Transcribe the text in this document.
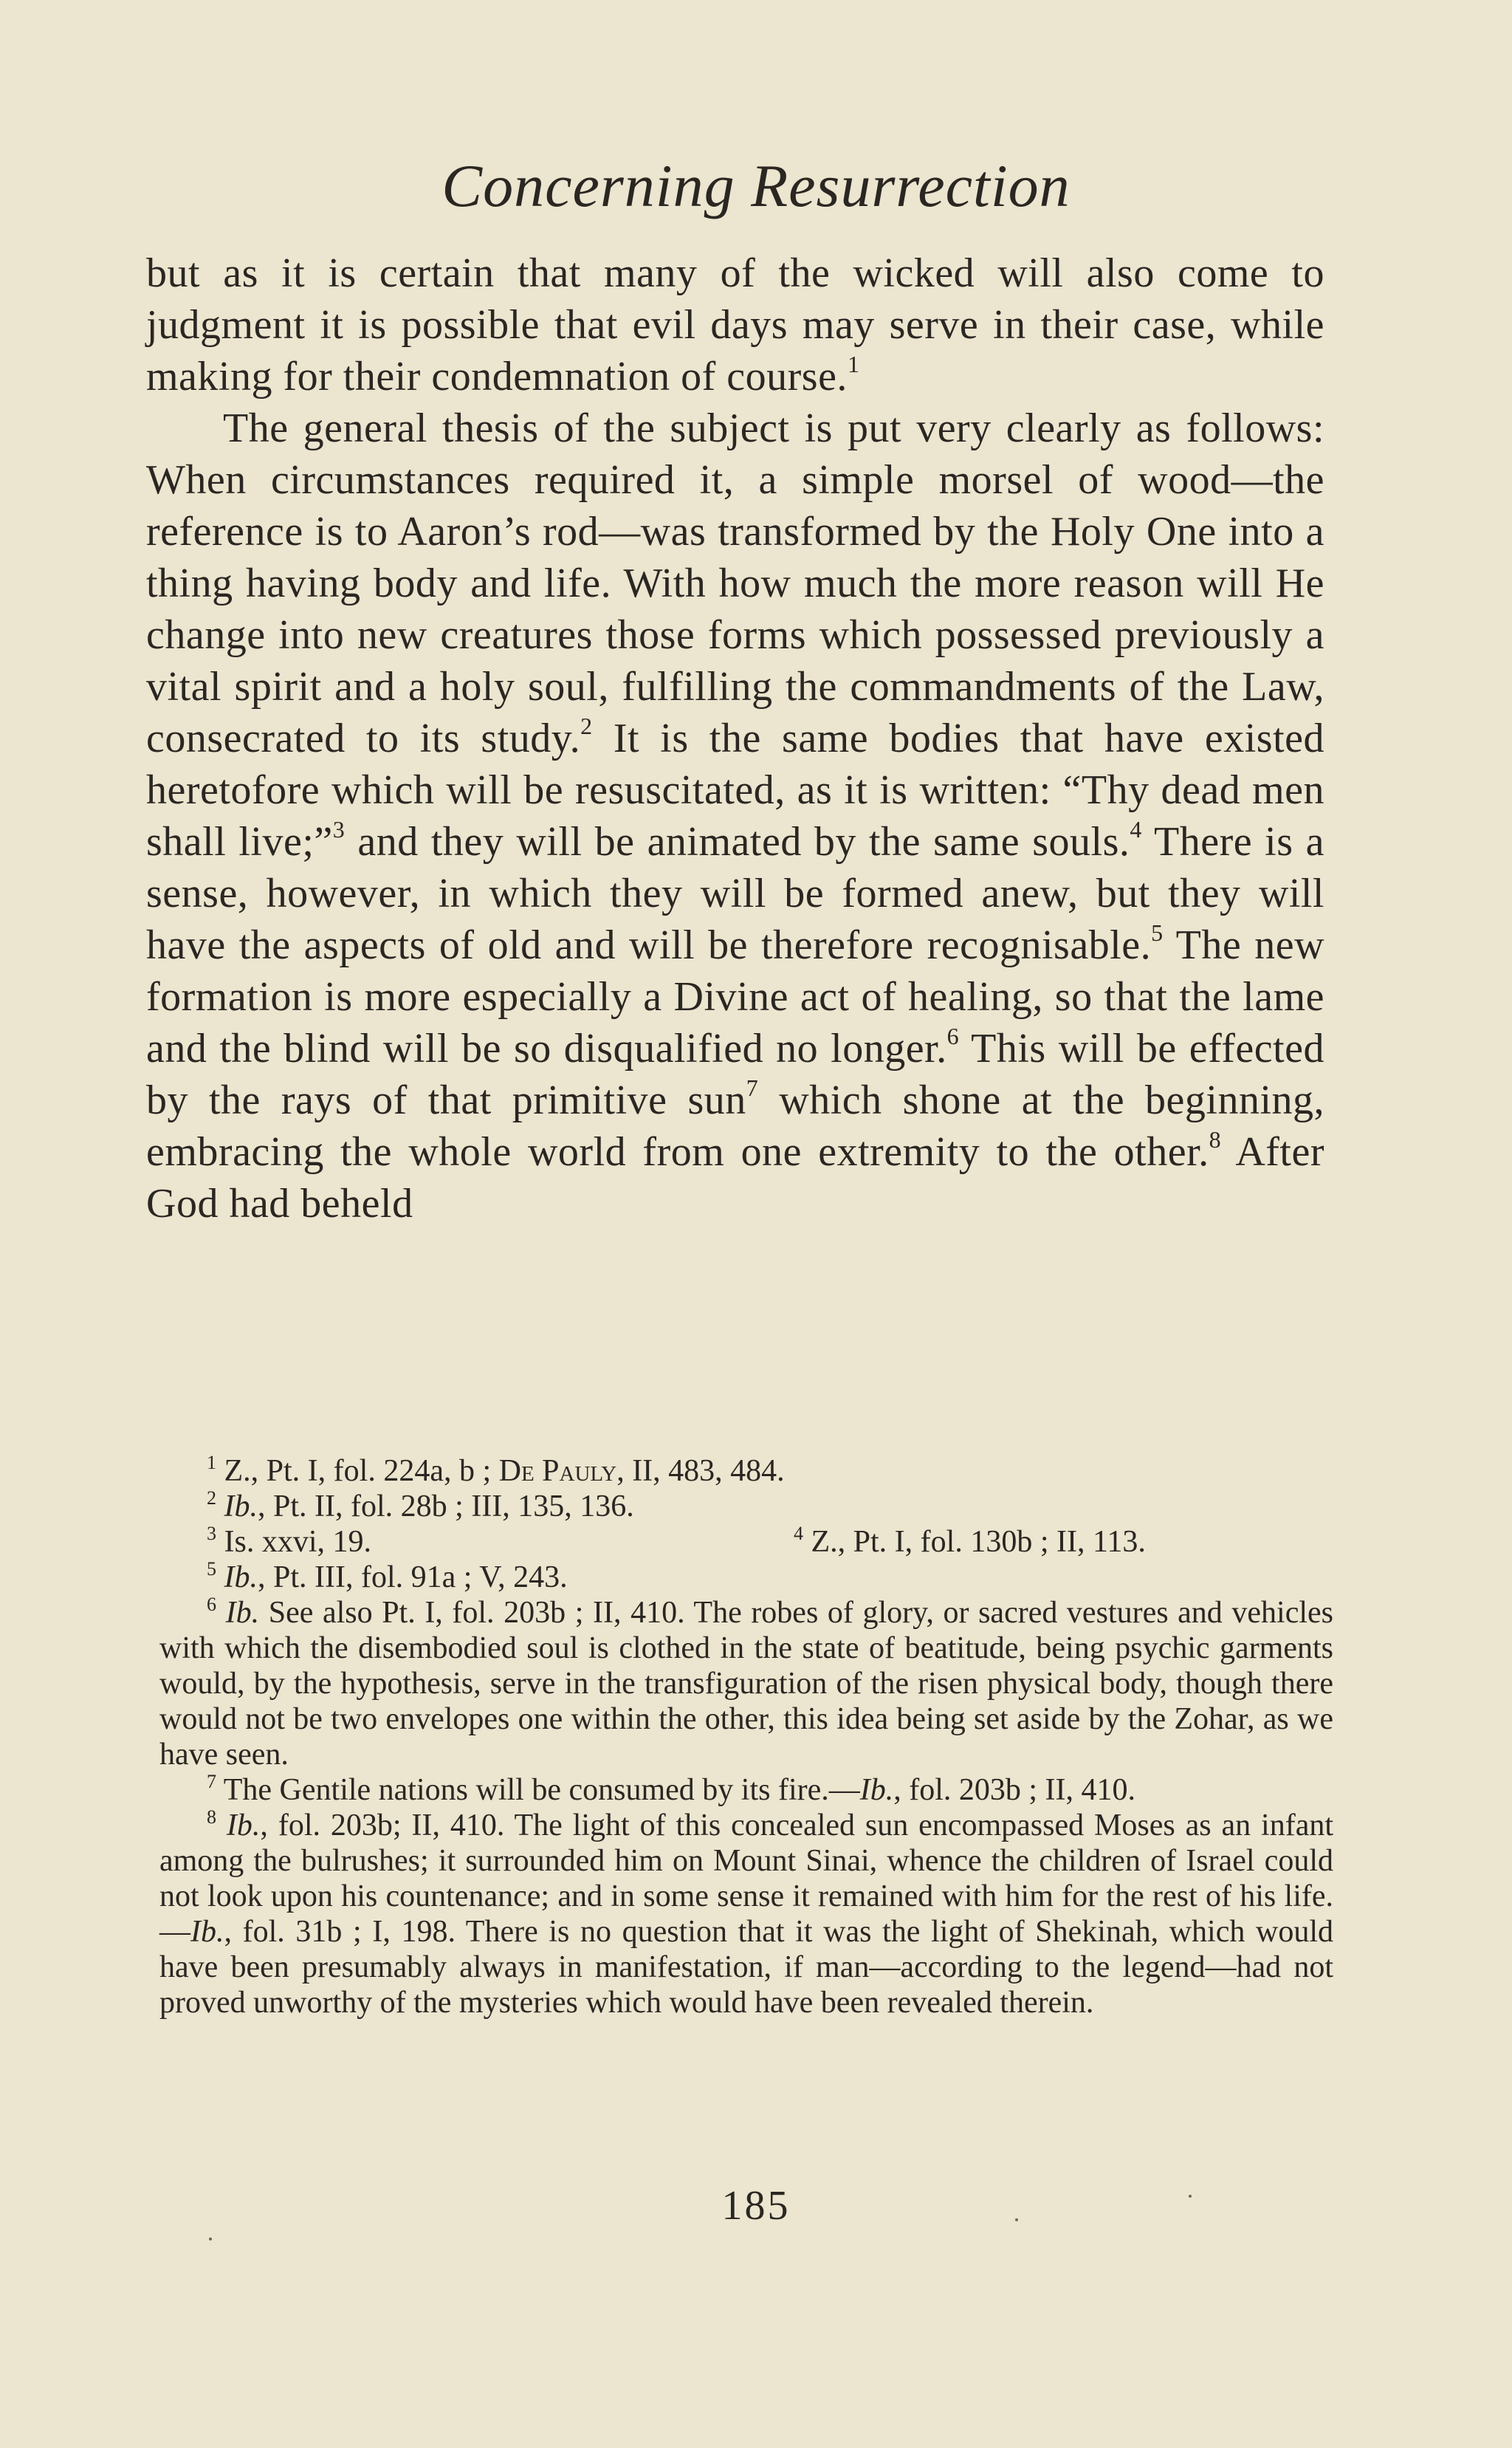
Concerning Resurrection

but as it is certain that many of the wicked will also come to judgment it is possible that evil days may serve in their case, while making for their condemnation of course.$^1$

The general thesis of the subject is put very clearly as follows: When circumstances required it, a simple morsel of wood—the reference is to Aaron’s rod—was transformed by the Holy One into a thing having body and life. With how much the more reason will He change into new creatures those forms which possessed previously a vital spirit and a holy soul, fulfilling the commandments of the Law, consecrated to its study.$^2$ It is the same bodies that have existed heretofore which will be resuscitated, as it is written: “Thy dead men shall live;”$^3$ and they will be animated by the same souls.$^4$ There is a sense, however, in which they will be formed anew, but they will have the aspects of old and will be therefore recognisable.$^5$ The new formation is more especially a Divine act of healing, so that the lame and the blind will be so disqualified no longer.$^6$ This will be effected by the rays of that primitive sun$^7$ which shone at the beginning, embracing the whole world from one extremity to the other.$^8$ After God had beheld

$^1$ Z., Pt. I, fol. 224a, b ; De Pauly, II, 483, 484.

$^2$ Ib., Pt. II, fol. 28b ; III, 135, 136.

$^3$ Is. xxvi, 19.	$^4$ Z., Pt. I, fol. 130b ; II, 113.

$^5$ Ib., Pt. III, fol. 91a ; V, 243.

$^6$ Ib. See also Pt. I, fol. 203b ; II, 410. The robes of glory, or sacred vestures and vehicles with which the disembodied soul is clothed in the state of beatitude, being psychic garments would, by the hypothesis, serve in the transfiguration of the risen physical body, though there would not be two envelopes one within the other, this idea being set aside by the Zohar, as we have seen.

$^7$ The Gentile nations will be consumed by its fire.—Ib., fol. 203b ; II, 410.

$^8$ Ib., fol. 203b; II, 410. The light of this concealed sun encompassed Moses as an infant among the bulrushes; it surrounded him on Mount Sinai, whence the children of Israel could not look upon his countenance; and in some sense it remained with him for the rest of his life.—Ib., fol. 31b ; I, 198. There is no question that it was the light of Shekinah, which would have been presumably always in manifestation, if man—according to the legend—had not proved unworthy of the mysteries which would have been revealed therein.

185
